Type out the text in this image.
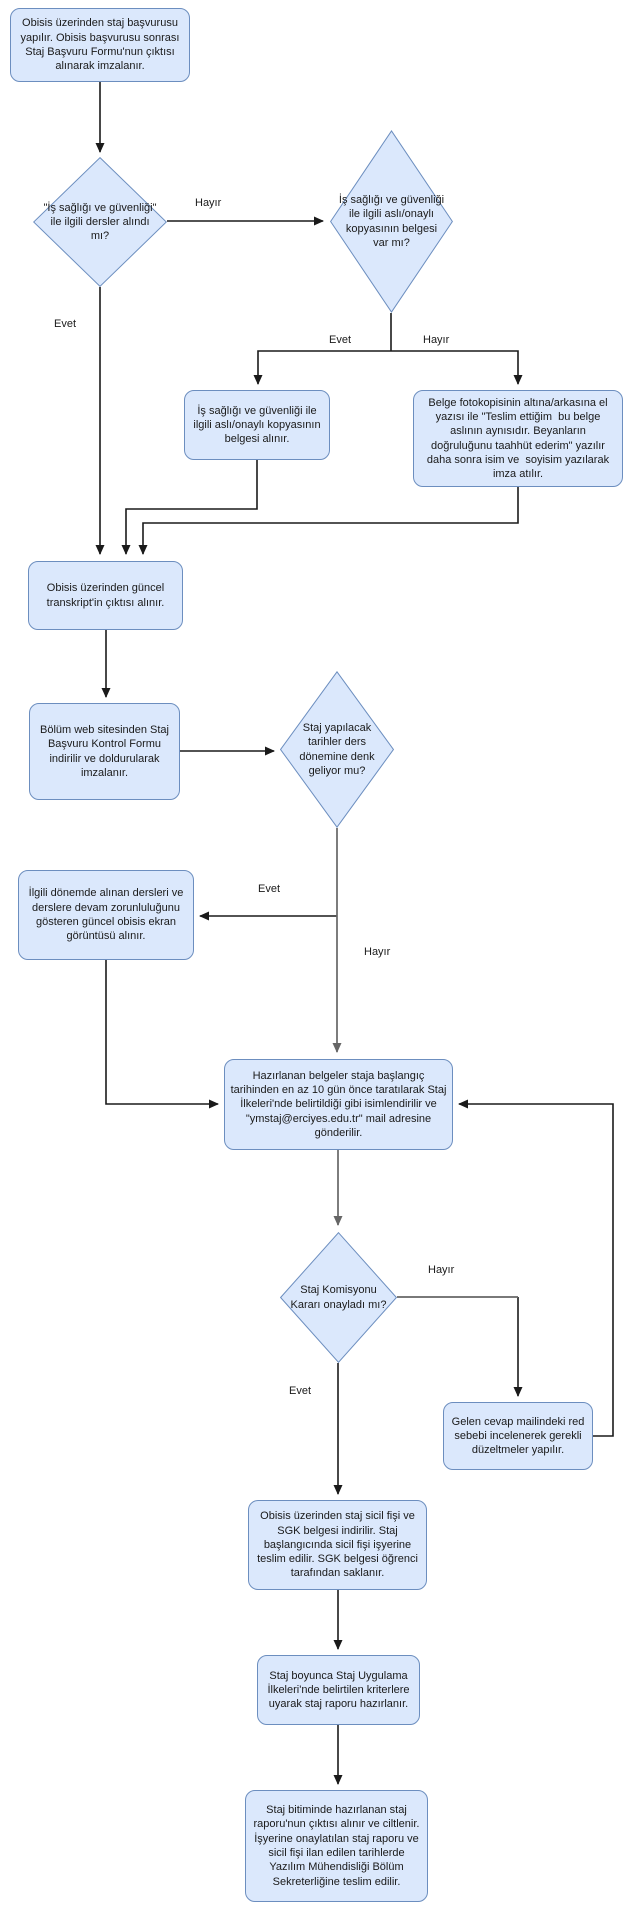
Obisis üzerinden staj başvurusu yapılır. Obisis başvurusu sonrası Staj Başvuru Formu'nun çıktısı alınarak imzalanır.
"İş sağlığı ve güvenliği" ile ilgili dersler alındı mı?
İş sağlığı ve güvenliği ile ilgili aslı/onaylı kopyasının belgesi var mı?
İş sağlığı ve güvenliği ile ilgili aslı/onaylı kopyasının belgesi alınır.
Belge fotokopisinin altına/arkasına el yazısı ile "Teslim ettiğim  bu belge aslının aynısıdır. Beyanların doğruluğunu taahhüt ederim" yazılır daha sonra isim ve  soyisim yazılarak imza atılır.
Obisis üzerinden güncel transkript'in çıktısı alınır.
Bölüm web sitesinden Staj Başvuru Kontrol Formu indirilir ve doldurularak imzalanır.
Staj yapılacak tarihler ders dönemine denk geliyor mu?
İlgili dönemde alınan dersleri ve derslere devam zorunluluğunu gösteren güncel obisis ekran  görüntüsü alınır.
Hazırlanan belgeler staja başlangıç tarihinden en az 10 gün önce taratılarak Staj İlkeleri'nde belirtildiği gibi isimlendirilir ve "ymstaj@erciyes.edu.tr" mail adresine gönderilir.
Staj Komisyonu Kararı onayladı mı?
Gelen cevap mailindeki red sebebi incelenerek gerekli düzeltmeler yapılır.
Obisis üzerinden staj sicil fişi ve SGK belgesi indirilir. Staj başlangıcında sicil fişi işyerine teslim edilir. SGK belgesi öğrenci tarafından saklanır.
Staj boyunca Staj Uygulama İlkeleri'nde belirtilen kriterlere uyarak staj raporu hazırlanır.
Staj bitiminde hazırlanan staj raporu'nun çıktısı alınır ve ciltlenir. İşyerine onaylatılan staj raporu ve sicil fişi ilan edilen tarihlerde Yazılım Mühendisliği Bölüm Sekreterliğine teslim edilir.
Hayır
Evet
Evet	Hayır
Evet
Hayır
Hayır
Evet
